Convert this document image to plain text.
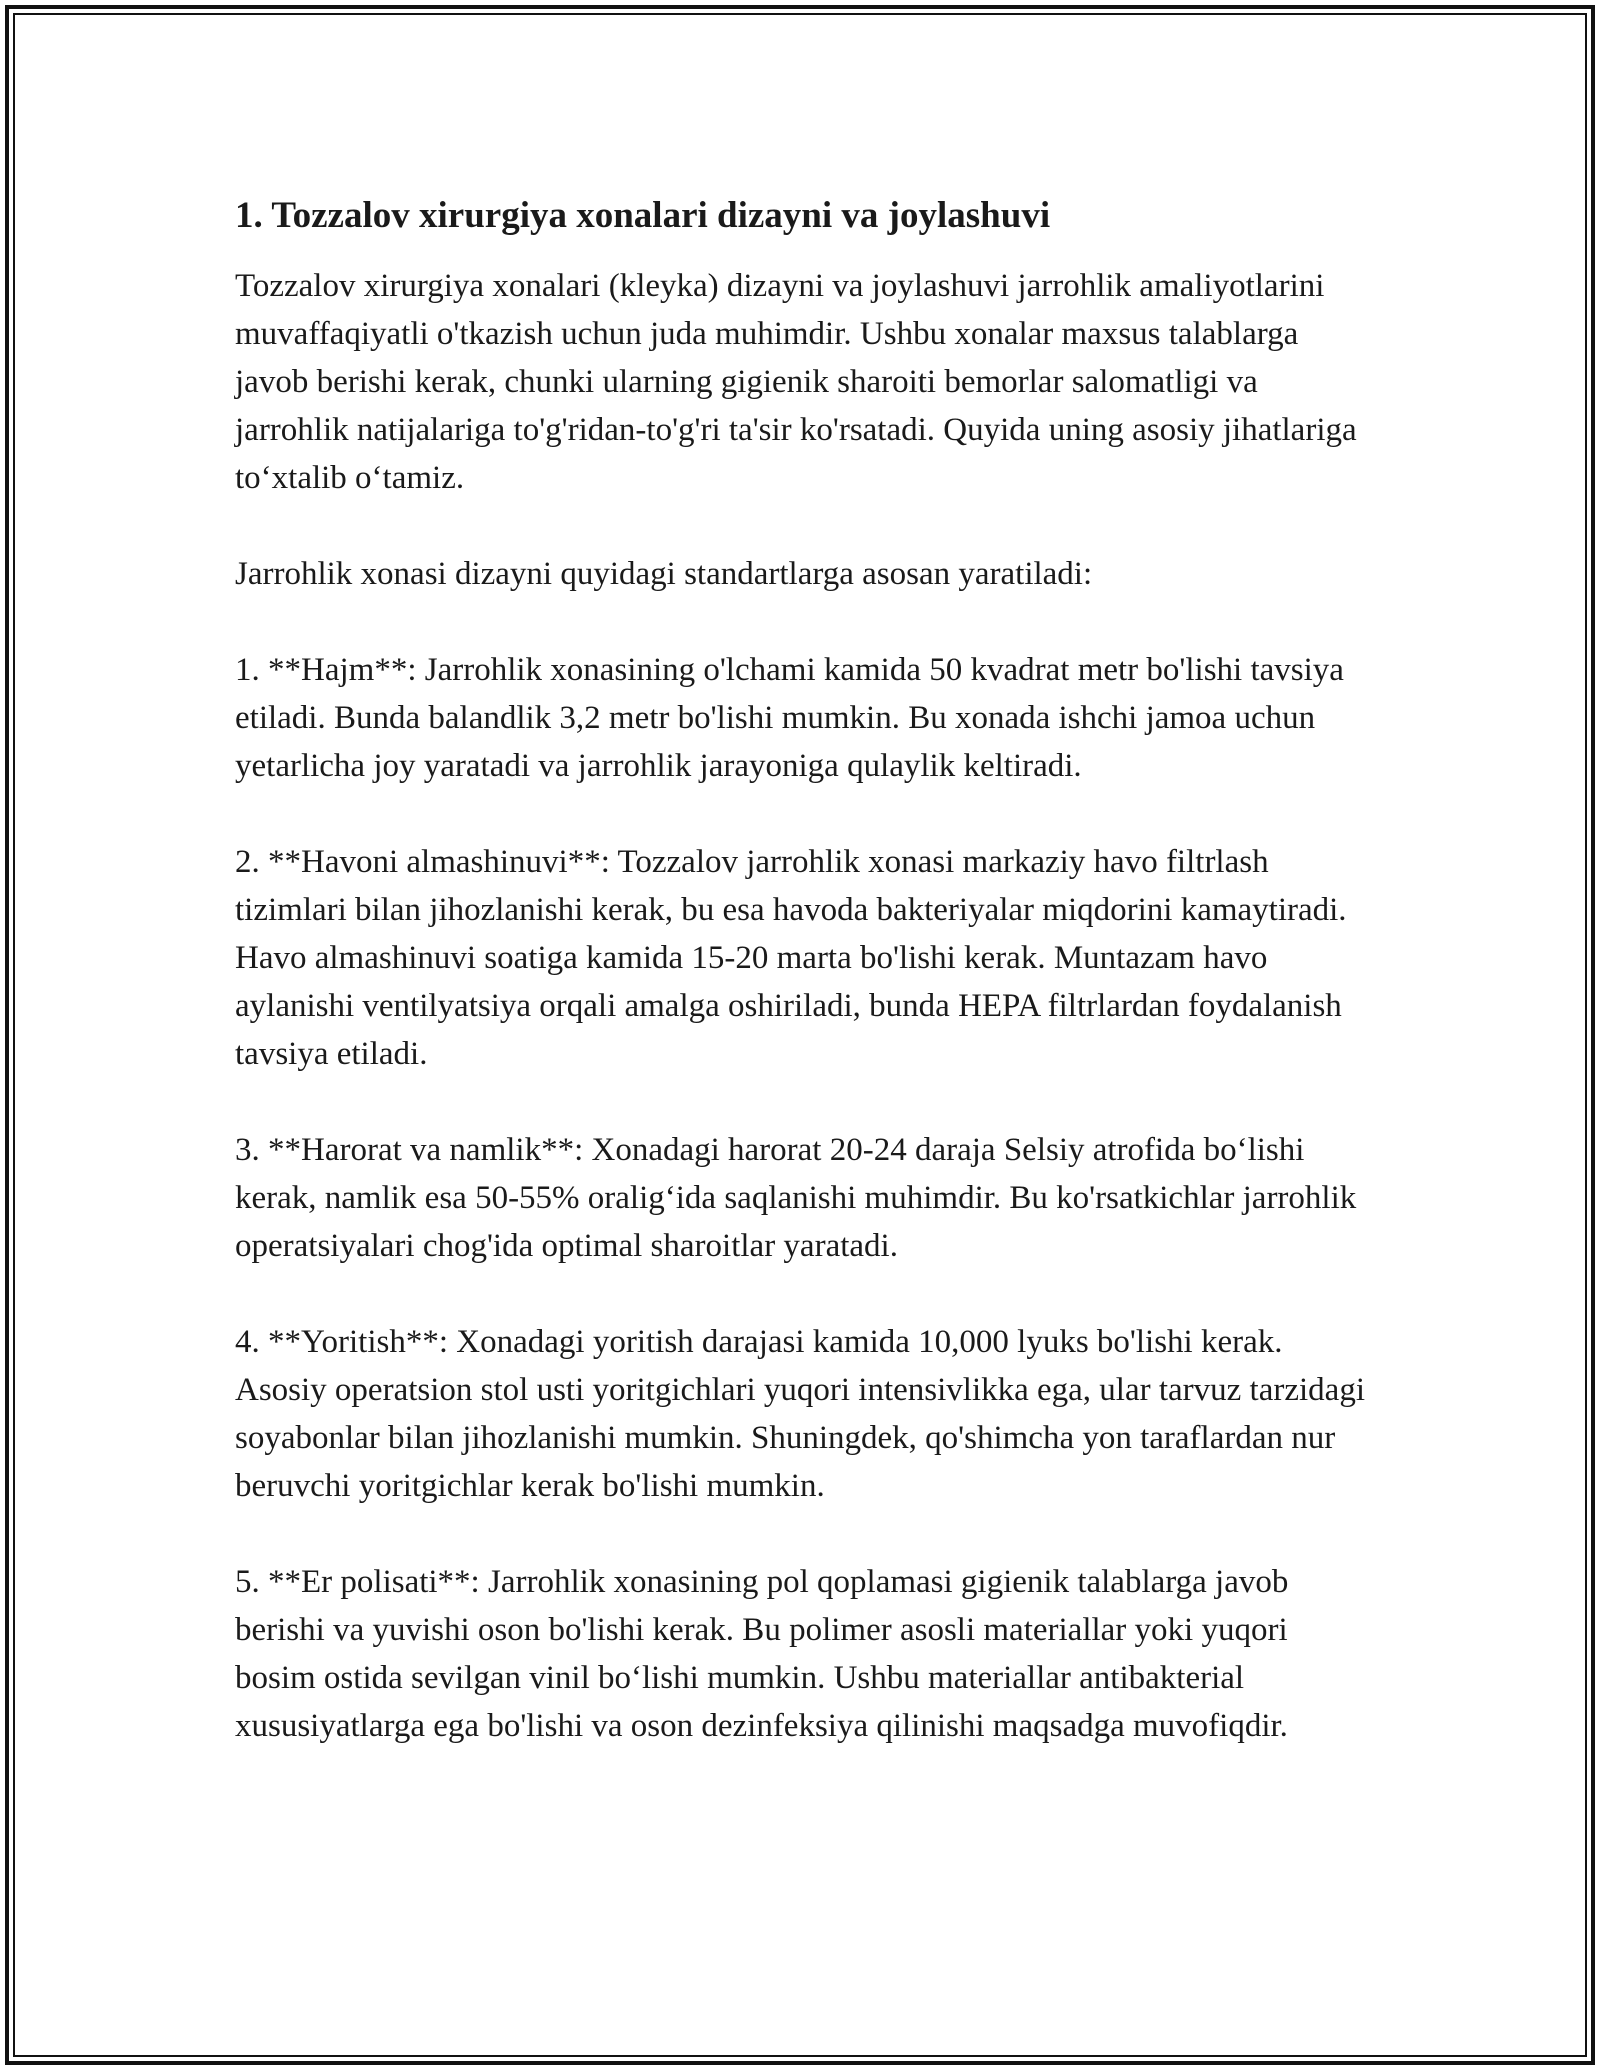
1. Tozzalov xirurgiya xonalari dizayni va joylashuvi

Tozzalov xirurgiya xonalari (kleyka) dizayni va joylashuvi jarrohlik amaliyotlarini muvaffaqiyatli o'tkazish uchun juda muhimdir. Ushbu xonalar maxsus talablarga javob berishi kerak, chunki ularning gigienik sharoiti bemorlar salomatligi va jarrohlik natijalariga to'g'ridan-to'g'ri ta'sir ko'rsatadi. Quyida uning asosiy jihatlariga to‘xtalib o‘tamiz.

Jarrohlik xonasi dizayni quyidagi standartlarga asosan yaratiladi:

1. **Hajm**: Jarrohlik xonasining o'lchami kamida 50 kvadrat metr bo'lishi tavsiya etiladi. Bunda balandlik 3,2 metr bo'lishi mumkin. Bu xonada ishchi jamoa uchun yetarlicha joy yaratadi va jarrohlik jarayoniga qulaylik keltiradi.

2. **Havoni almashinuvi**: Tozzalov jarrohlik xonasi markaziy havo filtrlash tizimlari bilan jihozlanishi kerak, bu esa havoda bakteriyalar miqdorini kamaytiradi. Havo almashinuvi soatiga kamida 15-20 marta bo'lishi kerak. Muntazam havo aylanishi ventilyatsiya orqali amalga oshiriladi, bunda HEPA filtrlardan foydalanish tavsiya etiladi.

3. **Harorat va namlik**: Xonadagi harorat 20-24 daraja Selsiy atrofida bo‘lishi kerak, namlik esa 50-55% oralig‘ida saqlanishi muhimdir. Bu ko'rsatkichlar jarrohlik operatsiyalari chog'ida optimal sharoitlar yaratadi.

4. **Yoritish**: Xonadagi yoritish darajasi kamida 10,000 lyuks bo'lishi kerak. Asosiy operatsion stol usti yoritgichlari yuqori intensivlikka ega, ular tarvuz tarzidagi soyabonlar bilan jihozlanishi mumkin. Shuningdek, qo'shimcha yon taraflardan nur beruvchi yoritgichlar kerak bo'lishi mumkin.

5. **Er polisati**: Jarrohlik xonasining pol qoplamasi gigienik talablarga javob berishi va yuvishi oson bo'lishi kerak. Bu polimer asosli materiallar yoki yuqori bosim ostida sevilgan vinil bo‘lishi mumkin. Ushbu materiallar antibakterial xususiyatlarga ega bo'lishi va oson dezinfeksiya qilinishi maqsadga muvofiqdir.
